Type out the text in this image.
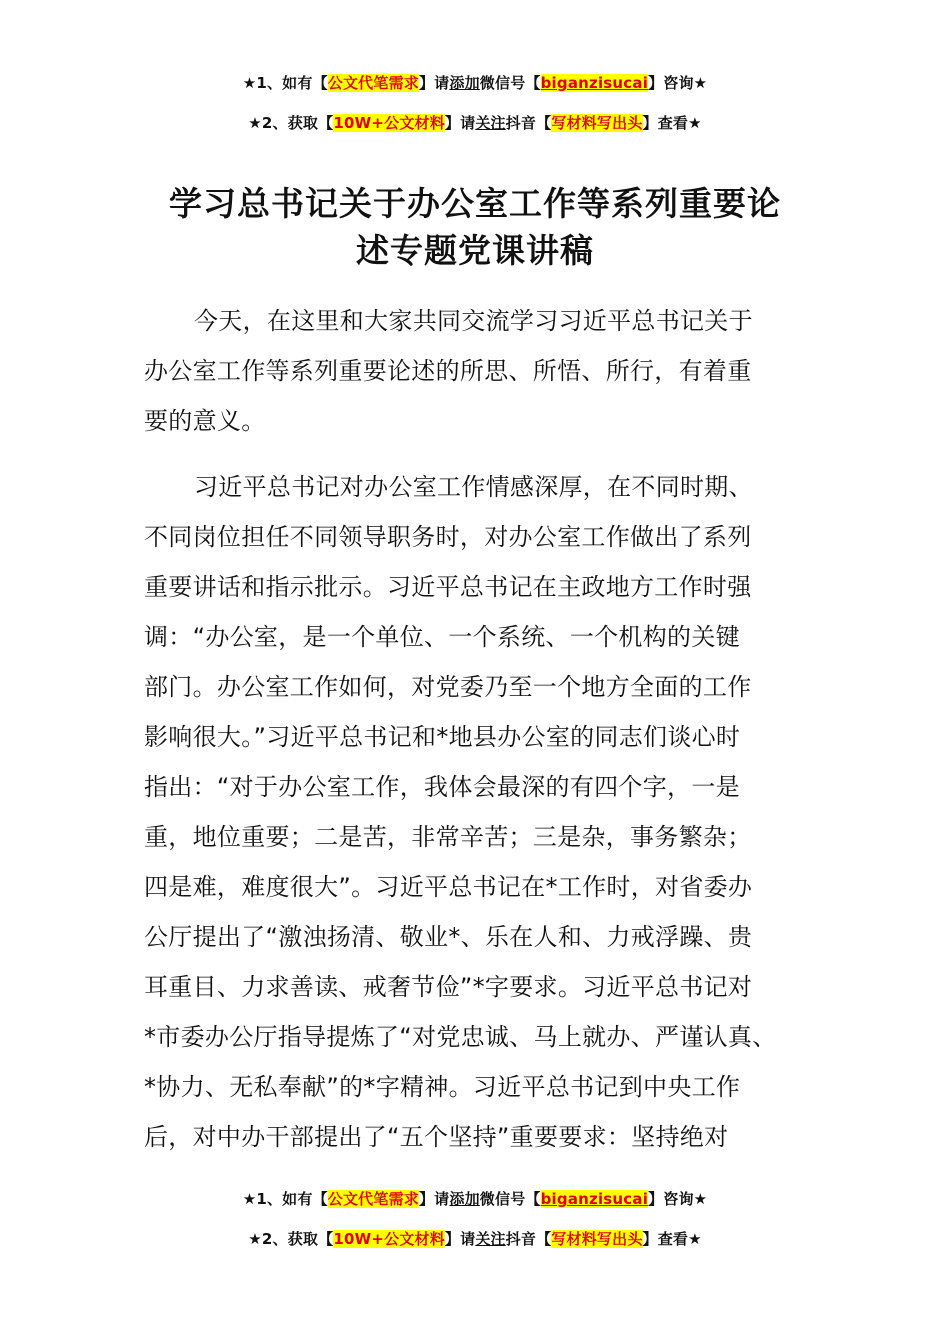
★1、如有【公文代笔需求】请添加微信号【biganzisucai】咨询★
★2、获取【10W+公文材料】请关注抖音【写材料写出头】查看★
学习总书记关于办公室工作等系列重要论
述专题党课讲稿
今天，在这里和大家共同交流学习习近平总书记关于
办公室工作等系列重要论述的所思、所悟、所行，有着重
要的意义。
习近平总书记对办公室工作情感深厚，在不同时期、
不同岗位担任不同领导职务时，对办公室工作做出了系列
重要讲话和指示批示。习近平总书记在主政地方工作时强
调：“办公室，是一个单位、一个系统、一个机构的关键
部门。办公室工作如何，对党委乃至一个地方全面的工作
影响很大。”习近平总书记和*地县办公室的同志们谈心时
指出：“对于办公室工作，我体会最深的有四个字，一是
重，地位重要；二是苦，非常辛苦；三是杂，事务繁杂；
四是难，难度很大”。习近平总书记在*工作时，对省委办
公厅提出了“激浊扬清、敬业*、乐在人和、力戒浮躁、贵
耳重目、力求善读、戒奢节俭”*字要求。习近平总书记对
*市委办公厅指导提炼了“对党忠诚、马上就办、严谨认真、
*协力、无私奉献”的*字精神。习近平总书记到中央工作
后，对中办干部提出了“五个坚持”重要要求：坚持绝对
★1、如有【公文代笔需求】请添加微信号【biganzisucai】咨询★
★2、获取【10W+公文材料】请关注抖音【写材料写出头】查看★
